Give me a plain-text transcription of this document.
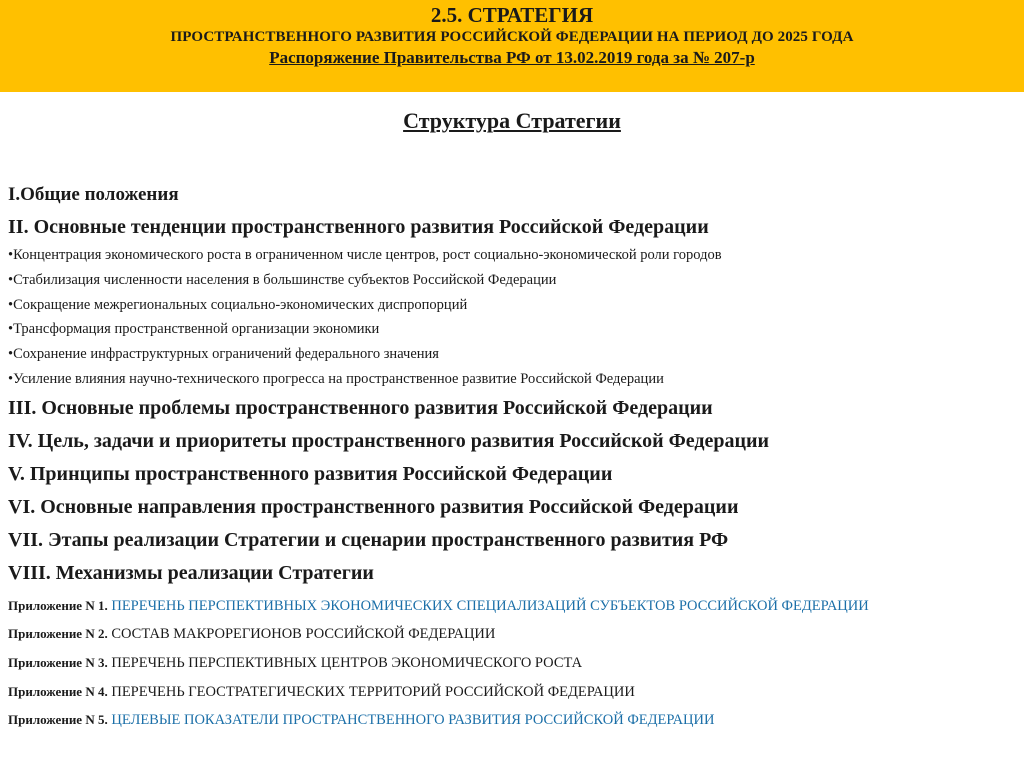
2.5. СТРАТЕГИЯ
ПРОСТРАНСТВЕННОГО РАЗВИТИЯ РОССИЙСКОЙ ФЕДЕРАЦИИ НА ПЕРИОД ДО 2025 ГОДА
Распоряжение Правительства РФ от 13.02.2019 года за № 207-р
Структура Стратегии
I.Общие положения
II. Основные тенденции пространственного развития Российской Федерации
•Концентрация экономического роста в ограниченном числе центров, рост социально-экономической роли городов
•Стабилизация численности населения в большинстве субъектов Российской Федерации
•Сокращение межрегиональных социально-экономических диспропорций
•Трансформация пространственной организации экономики
•Сохранение инфраструктурных ограничений федерального значения
•Усиление влияния научно-технического прогресса на пространственное развитие Российской Федерации
III. Основные проблемы пространственного развития Российской Федерации
IV. Цель, задачи и приоритеты пространственного развития Российской Федерации
V. Принципы пространственного развития Российской Федерации
VI. Основные направления пространственного развития Российской Федерации
VII. Этапы реализации Стратегии и сценарии пространственного развития РФ
VIII. Механизмы реализации Стратегии
Приложение N 1. ПЕРЕЧЕНЬ ПЕРСПЕКТИВНЫХ ЭКОНОМИЧЕСКИХ СПЕЦИАЛИЗАЦИЙ СУБЪЕКТОВ РОССИЙСКОЙ ФЕДЕРАЦИИ
Приложение N 2. СОСТАВ МАКРОРЕГИОНОВ РОССИЙСКОЙ ФЕДЕРАЦИИ
Приложение N 3. ПЕРЕЧЕНЬ ПЕРСПЕКТИВНЫХ ЦЕНТРОВ ЭКОНОМИЧЕСКОГО РОСТА
Приложение N 4. ПЕРЕЧЕНЬ ГЕОСТРАТЕГИЧЕСКИХ ТЕРРИТОРИЙ РОССИЙСКОЙ ФЕДЕРАЦИИ
Приложение N 5. ЦЕЛЕВЫЕ ПОКАЗАТЕЛИ ПРОСТРАНСТВЕННОГО РАЗВИТИЯ РОССИЙСКОЙ ФЕДЕРАЦИИ
